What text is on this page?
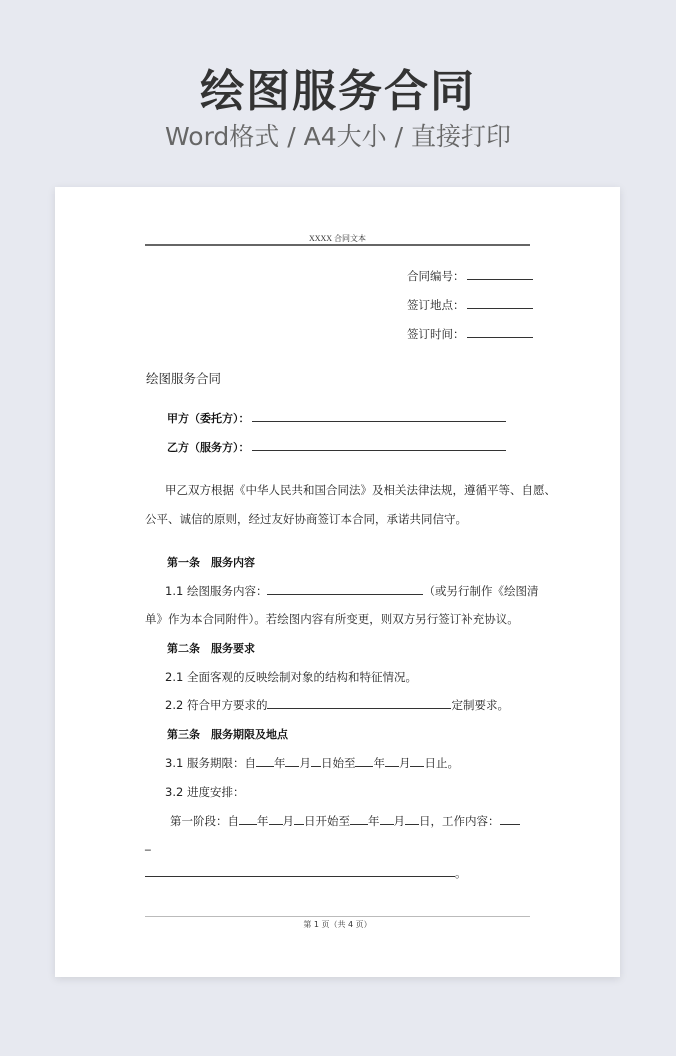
绘图服务合同
Word格式 / A4大小 / 直接打印
XXXX 合同文本
合同编号：
签订地点：
签订时间：
绘图服务合同
甲方（委托方）：
乙方（服务方）：
甲乙双方根据《中华人民共和国合同法》及相关法律法规，遵循平等、自愿、
公平、诚信的原则，经过友好协商签订本合同，承诺共同信守。
第一条　服务内容
1.1 绘图服务内容：	（或另行制作《绘图清
单》作为本合同附件）。若绘图内容有所变更，则双方另行签订补充协议。
第二条　服务要求
2.1 全面客观的反映绘制对象的结构和特征情况。
2.2 符合甲方要求的	定制要求。
第三条　服务期限及地点
3.1 服务期限：自 年 月 日始至 年 月 日止。
3.2 进度安排：
第一阶段：自 年 月 日开始至 年 月 日，工作内容：
_
。
第 1 页（共 4 页）
